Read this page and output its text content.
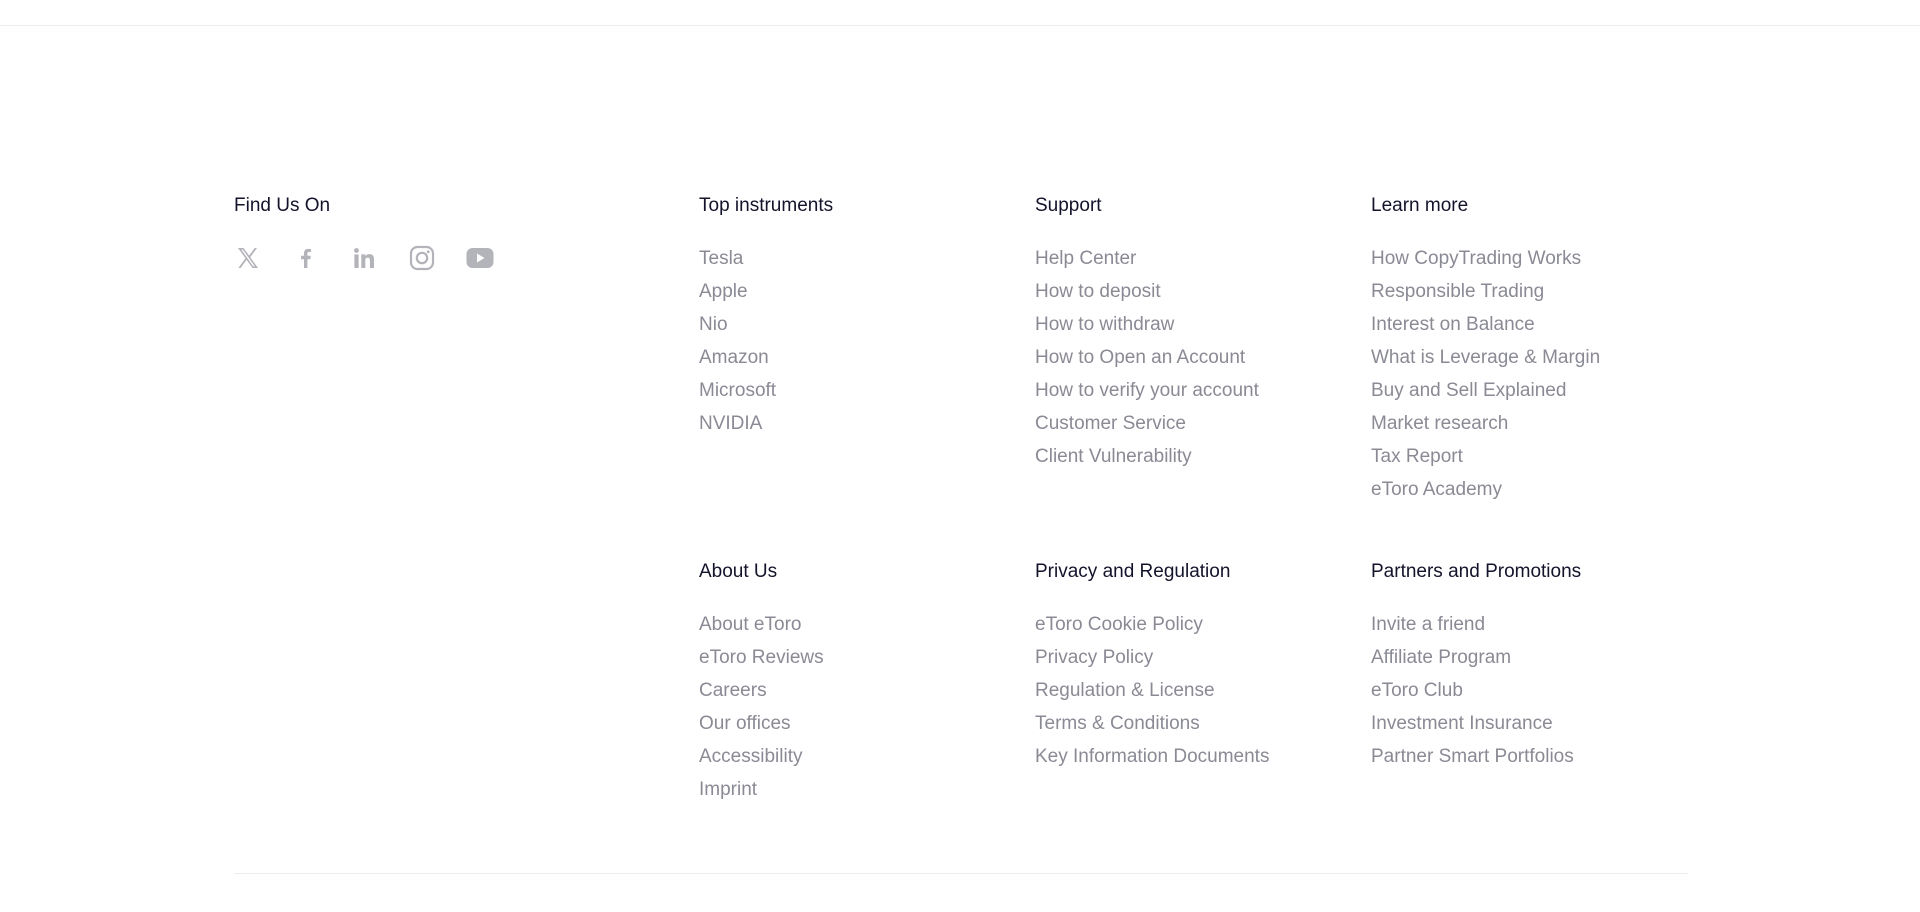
Find Us On	Top instruments
Tesla
Apple
Nio
Amazon
Microsoft
NVIDIA
Support
Help Center
How to deposit
How to withdraw
How to Open an Account
How to verify your account
Customer Service
Client Vulnerability
Learn more
How CopyTrading Works
Responsible Trading
Interest on Balance
What is Leverage & Margin
Buy and Sell Explained
Market research
Tax Report
eToro Academy
About Us
About eToro
eToro Reviews
Careers
Our offices
Accessibility
Imprint
Privacy and Regulation
eToro Cookie Policy
Privacy Policy
Regulation & License
Terms & Conditions
Key Information Documents
Partners and Promotions
Invite a friend
Affiliate Program
eToro Club
Investment Insurance
Partner Smart Portfolios
